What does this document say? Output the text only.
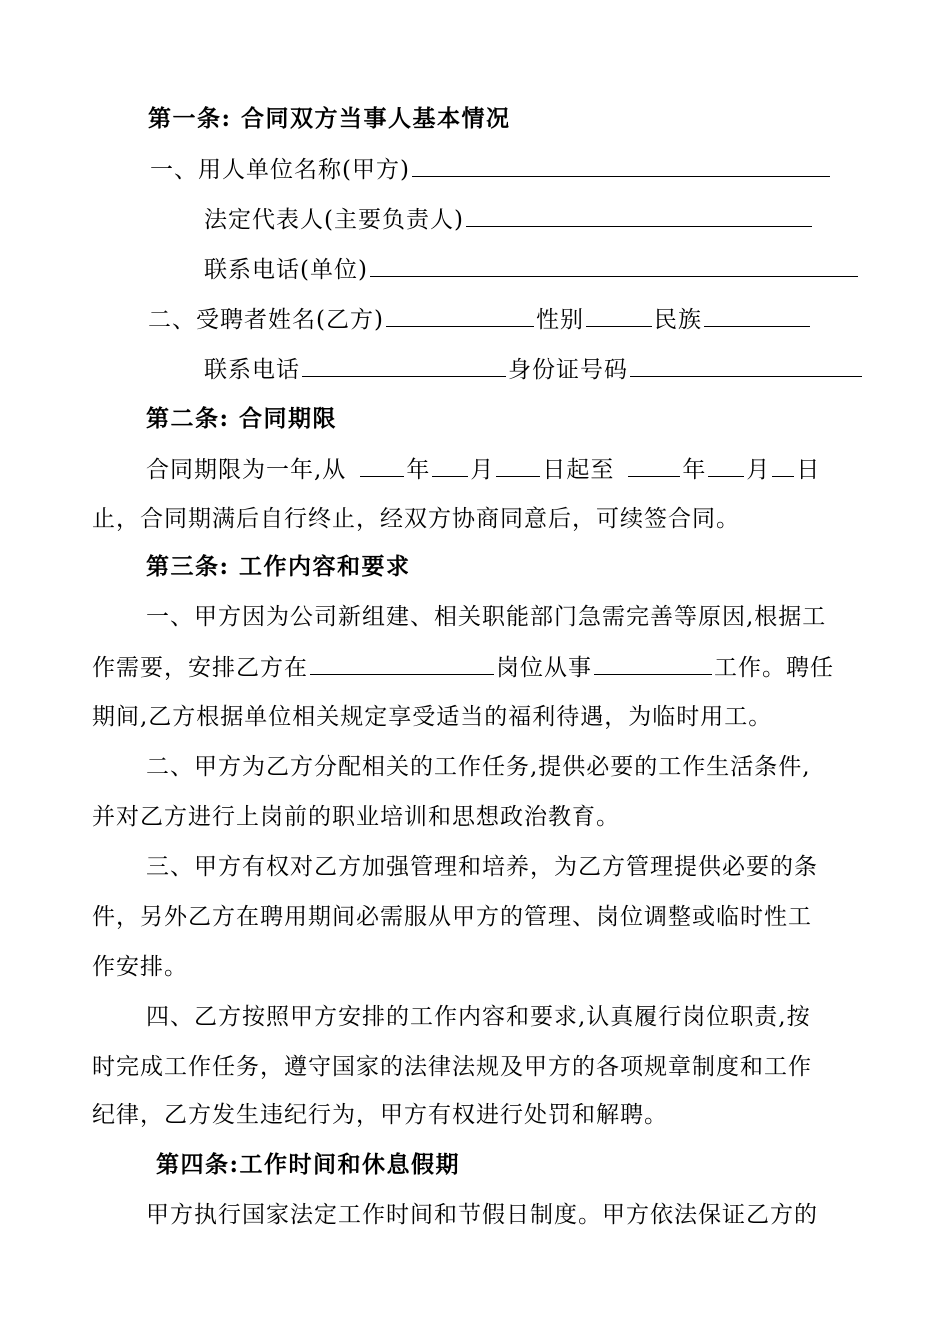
第一条: 合同双方当事人基本情况
一、用人单位名称(甲方)
法定代表人(主要负责人)
联系电话(单位)
二、受聘者姓名(乙方)	性别	民族
联系电话	身份证号码
第二条: 合同期限
合同期限为一年,从	年 月 日起至	年 月 日
止，合同期满后自行终止，经双方协商同意后，可续签合同。
第三条: 工作内容和要求
一、甲方因为公司新组建、相关职能部门急需完善等原因,根据工
作需要，安排乙方在	岗位从事	工作。聘任
期间,乙方根据单位相关规定享受适当的福利待遇，为临时用工。
二、甲方为乙方分配相关的工作任务,提供必要的工作生活条件,
并对乙方进行上岗前的职业培训和思想政治教育。
三、甲方有权对乙方加强管理和培养，为乙方管理提供必要的条
件，另外乙方在聘用期间必需服从甲方的管理、岗位调整或临时性工
作安排。
四、乙方按照甲方安排的工作内容和要求,认真履行岗位职责,按
时完成工作任务，遵守国家的法律法规及甲方的各项规章制度和工作
纪律，乙方发生违纪行为，甲方有权进行处罚和解聘。
第四条:工作时间和休息假期
甲方执行国家法定工作时间和节假日制度。甲方依法保证乙方的
